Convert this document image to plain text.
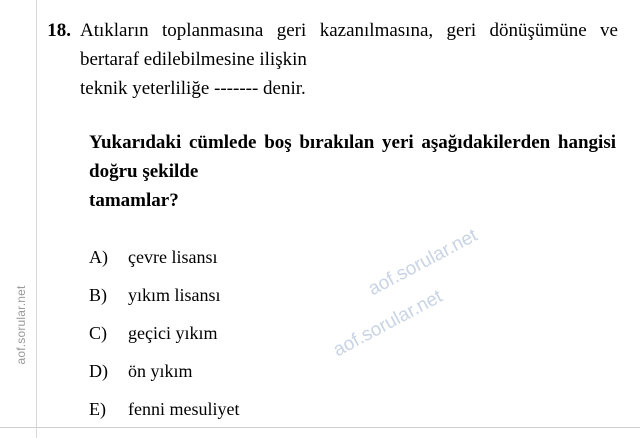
aof.sorular.net
18. Atıkların toplanmasına geri kazanılmasına, geri dönüşümüne ve bertaraf edilebilmesine ilişkin
teknik yeterliliğe ------- denir.
Yukarıdaki cümlede boş bırakılan yeri aşağıdakilerden hangisi doğru şekilde
tamamlar?
A)	çevre lisansı
B)	yıkım lisansı
C)	geçici yıkım
D)	ön yıkım
E)	fenni mesuliyet
aof.sorular.net
aof.sorular.net
